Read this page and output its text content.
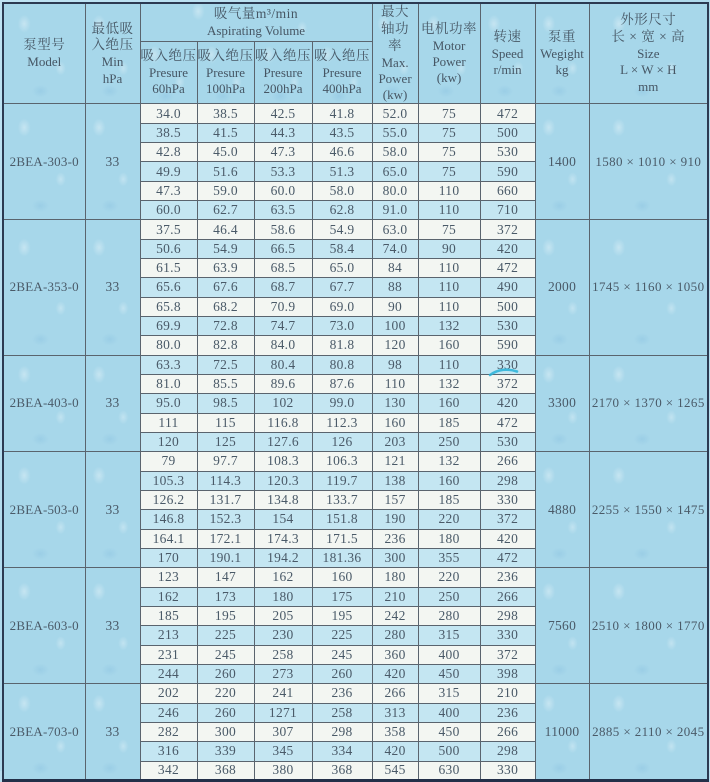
泵型号
Model	最低吸入绝压
Min
hPa	吸气量m³/min
Aspirating Volume				最大轴功率
Max.
Power
(kw)	电机功率
Motor
Power
(kw)	转速
Speed
r/min	泵重
Wegight
kg	外形尺寸
长 × 宽 × 高
Size
L × W × H
mm

		吸入绝压
Presure
60hPa	吸入绝压
Presure
100hPa	吸入绝压
Presure
200hPa	吸入绝压
Presure
400hPa					

2BEA-303-0	33	34.0	38.5	42.5	41.8	52.0	75	472	1400	1580 × 1010 × 910
		38.5	41.5	44.3	43.5	55.0	75	500		
		42.8	45.0	47.3	46.6	58.0	75	530		
		49.9	51.6	53.3	51.3	65.0	75	590		
		47.3	59.0	60.0	58.0	80.0	110	660		
		60.0	62.7	63.5	62.8	91.0	110	710		
2BEA-353-0	33	37.5	46.4	58.6	54.9	63.0	75	372	2000	1745 × 1160 × 1050
		50.6	54.9	66.5	58.4	74.0	90	420		
		61.5	63.9	68.5	65.0	84	110	472		
		65.6	67.6	68.7	67.7	88	110	490		
		65.8	68.2	70.9	69.0	90	110	500		
		69.9	72.8	74.7	73.0	100	132	530		
		80.0	82.8	84.0	81.8	120	160	590		
2BEA-403-0	33	63.3	72.5	80.4	80.8	98	110	330	3300	2170 × 1370 × 1265
		81.0	85.5	89.6	87.6	110	132	372		
		95.0	98.5	102	99.0	130	160	420		
		111	115	116.8	112.3	160	185	472		
		120	125	127.6	126	203	250	530		
2BEA-503-0	33	79	97.7	108.3	106.3	121	132	266	4880	2255 × 1550 × 1475
		105.3	114.3	120.3	119.7	138	160	298		
		126.2	131.7	134.8	133.7	157	185	330		
		146.8	152.3	154	151.8	190	220	372		
		164.1	172.1	174.3	171.5	236	180	420		
		170	190.1	194.2	181.36	300	355	472		
2BEA-603-0	33	123	147	162	160	180	220	236	7560	2510 × 1800 × 1770
		162	173	180	175	210	250	266		
		185	195	205	195	242	280	298		
		213	225	230	225	280	315	330		
		231	245	258	245	360	400	372		
		244	260	273	260	420	450	398		
2BEA-703-0	33	202	220	241	236	266	315	210	11000	2885 × 2110 × 2045
		246	260	1271	258	313	400	236		
		282	300	307	298	358	450	266		
		316	339	345	334	420	500	298		
		342	368	380	368	545	630	330		
